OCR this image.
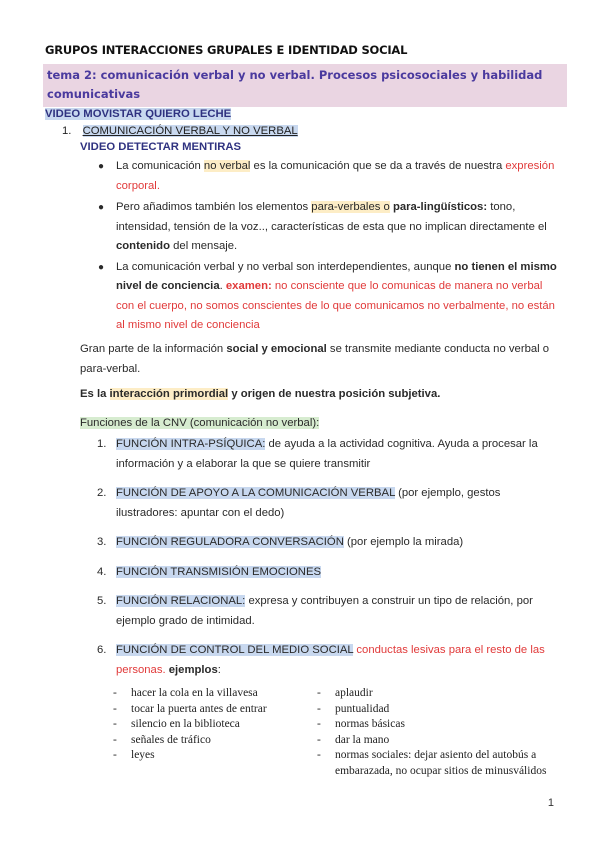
GRUPOS INTERACCIONES GRUPALES E IDENTIDAD SOCIAL
tema 2: comunicación verbal y no verbal. Procesos psicosociales y habilidad comunicativas
VIDEO MOVISTAR QUIERO LECHE
1. COMUNICACIÓN VERBAL Y NO VERBAL
VIDEO DETECTAR MENTIRAS
● La comunicación no verbal es la comunicación que se da a través de nuestra expresión corporal.
● Pero añadimos también los elementos para-verbales o para-lingüísticos: tono, intensidad, tensión de la voz.., características de esta que no implican directamente el contenido del mensaje.
● La comunicación verbal y no verbal son interdependientes, aunque no tienen el mismo nivel de conciencia. examen: no consciente que lo comunicas de manera no verbal con el cuerpo, no somos conscientes de lo que comunicamos no verbalmente, no están al mismo nivel de conciencia
Gran parte de la información social y emocional se transmite mediante conducta no verbal o para-verbal.
Es la interacción primordial y origen de nuestra posición subjetiva.
Funciones de la CNV (comunicación no verbal):
1. FUNCIÓN INTRA-PSÍQUICA: de ayuda a la actividad cognitiva. Ayuda a procesar la información y a elaborar la que se quiere transmitir
2. FUNCIÓN DE APOYO A LA COMUNICACIÓN VERBAL (por ejemplo, gestos ilustradores: apuntar con el dedo)
3. FUNCIÓN REGULADORA CONVERSACIÓN (por ejemplo la mirada)
4. FUNCIÓN TRANSMISIÓN EMOCIONES
5. FUNCIÓN RELACIONAL: expresa y contribuyen a construir un tipo de relación, por ejemplo grado de intimidad.
6. FUNCIÓN DE CONTROL DEL MEDIO SOCIAL conductas lesivas para el resto de las personas. ejemplos:
- hacer la cola en la villavesa
- tocar la puerta antes de entrar
- silencio en la biblioteca
- señales de tráfico
- leyes
- aplaudir
- puntualidad
- normas básicas
- dar la mano
- normas sociales: dejar asiento del autobús a embarazada, no ocupar sitios de minusválidos
1
